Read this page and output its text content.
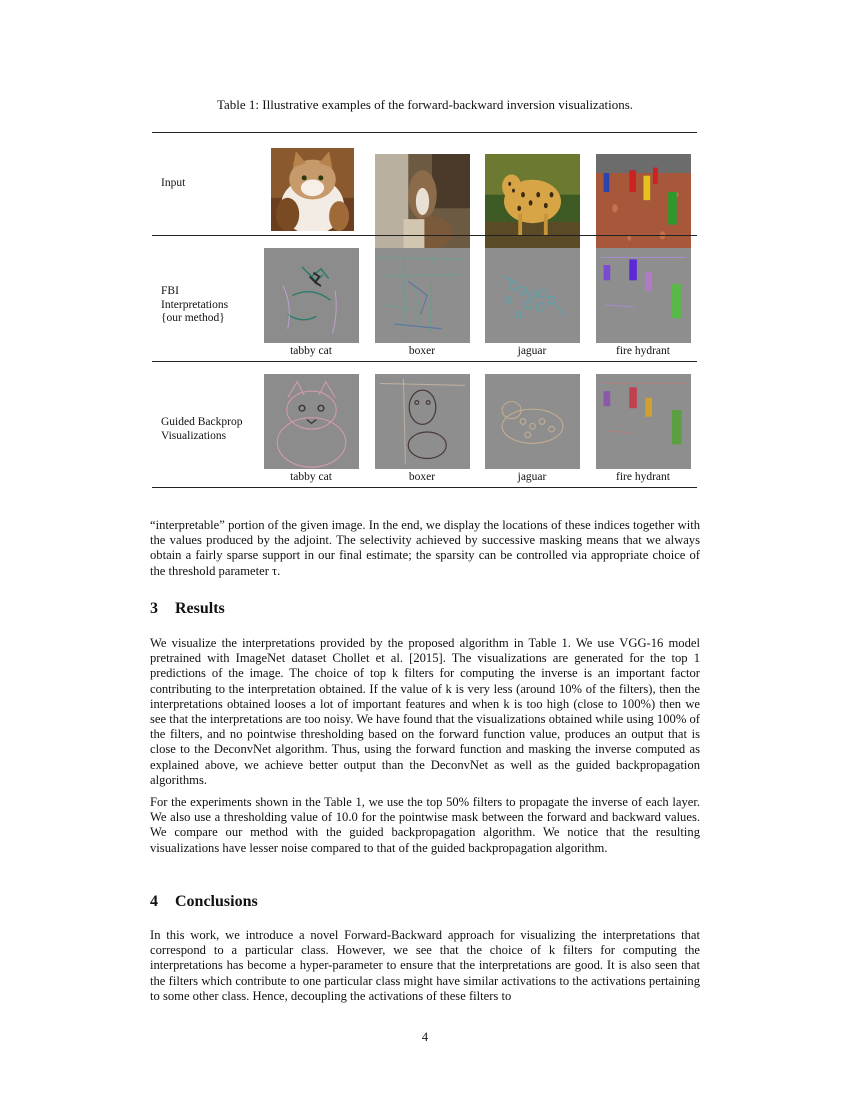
Table 1: Illustrative examples of the forward-backward inversion visualizations.
Input
FBI
Interpretations
{our method}
tabby cat	boxer	jaguar	fire hydrant
Guided Backprop
Visualizations
tabby cat	boxer	jaguar	fire hydrant
“interpretable” portion of the given image. In the end, we display the locations of these indices together with the values produced by the adjoint. The selectivity achieved by successive masking means that we always obtain a fairly sparse support in our final estimate; the sparsity can be controlled via appropriate choice of the threshold parameter τ.
3 Results
We visualize the interpretations provided by the proposed algorithm in Table 1. We use VGG-16 model pretrained with ImageNet dataset Chollet et al. [2015]. The visualizations are generated for the top 1 predictions of the image. The choice of top k filters for computing the inverse is an important factor contributing to the interpretation obtained. If the value of k is very less (around 10% of the filters), then the interpretations obtained looses a lot of important features and when k is too high (close to 100%) then we see that the interpretations are too noisy. We have found that the visualizations obtained while using 100% of the filters, and no pointwise thresholding based on the forward function value, produces an output that is close to the DeconvNet algorithm. Thus, using the forward function and masking the inverse computed as explained above, we achieve better output than the DeconvNet as well as the guided backpropagation algorithms.
For the experiments shown in the Table 1, we use the top 50% filters to propagate the inverse of each layer. We also use a thresholding value of 10.0 for the pointwise mask between the forward and backward values. We compare our method with the guided backpropagation algorithm. We notice that the resulting visualizations have lesser noise compared to that of the guided backpropagation algorithm.
4 Conclusions
In this work, we introduce a novel Forward-Backward approach for visualizing the interpretations that correspond to a particular class. However, we see that the choice of k filters for computing the interpretations has become a hyper-parameter to ensure that the interpretations are good. It is also seen that the filters which contribute to one particular class might have similar activations to the activations pertaining to some other class. Hence, decoupling the activations of these filters to
4
